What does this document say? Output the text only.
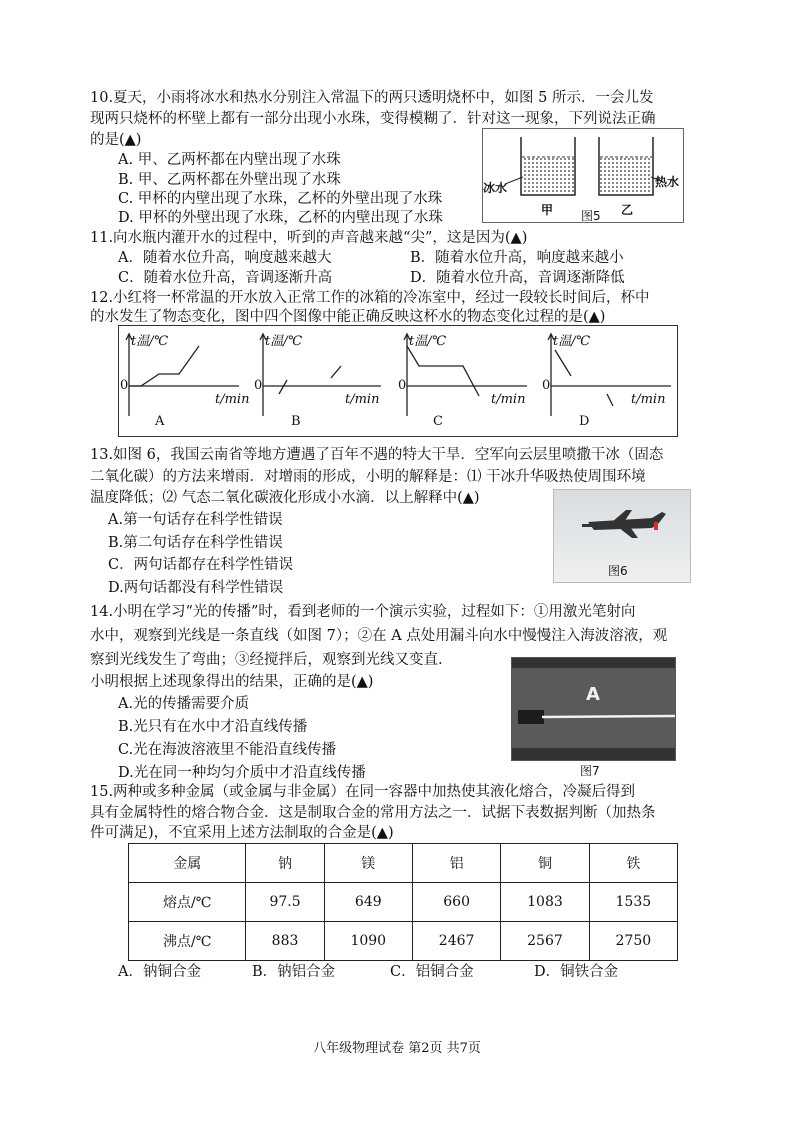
10.夏天，小雨将冰水和热水分别注入常温下的两只透明烧杯中，如图 5 所示．一会儿发
现两只烧杯的杯壁上都有一部分出现小水珠，变得模糊了．针对这一现象，下列说法正确
的是(▲)
A. 甲、乙两杯都在内壁出现了水珠
B. 甲、乙两杯都在外壁出现了水珠
C. 甲杯的内壁出现了水珠，乙杯的外壁出现了水珠
D. 甲杯的外壁出现了水珠，乙杯的内壁出现了水珠
冰水	热水
甲	乙
图5
11.向水瓶内灌开水的过程中，听到的声音越来越“尖”，这是因为(▲)
A．随着水位升高，响度越来越大	B．随着水位升高，响度越来越小
C．随着水位升高，音调逐渐升高	D．随着水位升高，音调逐渐降低
12.小红将一杯常温的开水放入正常工作的冰箱的冷冻室中，经过一段较长时间后，杯中
的水发生了物态变化，图中四个图像中能正确反映这杯水的物态变化过程的是(▲)
t温/℃
0
t/min
A
t温/℃
0
t/min
B
t温/℃
0
t/min
C
t温/℃
0
t/min
D
13.如图 6，我国云南省等地方遭遇了百年不遇的特大干旱．空军向云层里喷撒干冰（固态
二氧化碳）的方法来增雨．对增雨的形成，小明的解释是：⑴ 干冰升华吸热使周围环境
温度降低；⑵ 气态二氧化碳液化形成小水滴．以上解释中(▲)
A.第一句话存在科学性错误
B.第二句话存在科学性错误
C．两句话都存在科学性错误
D.两句话都没有科学性错误
图6
14.小明在学习“光的传播”时，看到老师的一个演示实验，过程如下：①用激光笔射向
水中，观察到光线是一条直线（如图 7）；②在 A 点处用漏斗向水中慢慢注入海波溶液，观
察到光线发生了弯曲；③经搅拌后，观察到光线又变直.
小明根据上述现象得出的结果，正确的是(▲)
A.光的传播需要介质
B.光只有在水中才沿直线传播
C.光在海波溶液里不能沿直线传播
D.光在同一种均匀介质中才沿直线传播
A
图7
15.两种或多种金属（或金属与非金属）在同一容器中加热使其液化熔合，冷凝后得到
具有金属特性的熔合物合金．这是制取合金的常用方法之一．试据下表数据判断（加热条
件可满足)，不宜采用上述方法制取的合金是(▲)
金属	钠	镁	铝	铜	铁
熔点/℃	97.5	649	660	1083	1535
沸点/℃	883	1090	2467	2567	2750
A．钠铜合金	B．钠铝合金	C．铝铜合金	D．铜铁合金
八年级物理试卷 第2页 共7页
